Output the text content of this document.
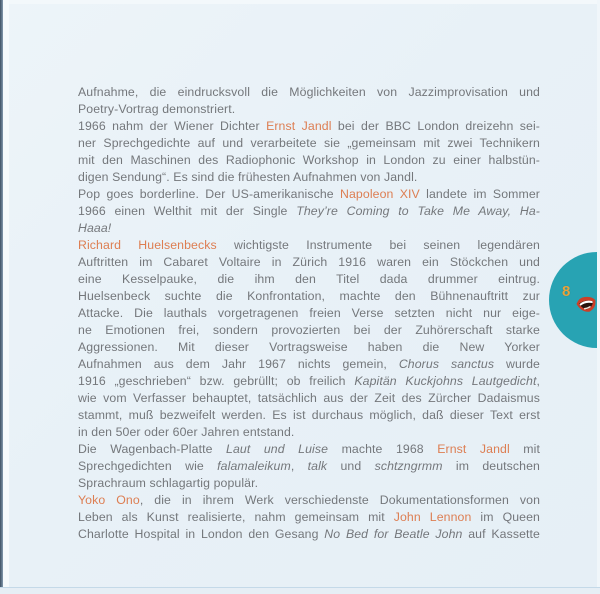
Aufnahme, die eindrucksvoll die Möglichkeiten von Jazzimprovisation und
Poetry-Vortrag demonstriert.
1966 nahm der Wiener Dichter Ernst Jandl bei der BBC London dreizehn sei-
ner Sprechgedichte auf und verarbeitete sie „gemeinsam mit zwei Technikern
mit den Maschinen des Radiophonic Workshop in London zu einer halbstün-
digen Sendung“. Es sind die frühesten Aufnahmen von Jandl.
Pop goes borderline. Der US-amerikanische Napoleon XIV landete im Sommer
1966 einen Welthit mit der Single They’re Coming to Take Me Away, Ha-
Haaa!
Richard Huelsenbecks wichtigste Instrumente bei seinen legendären
Auftritten im Cabaret Voltaire in Zürich 1916 waren ein Stöckchen und
eine Kesselpauke, die ihm den Titel dada drummer eintrug.
Huelsenbeck suchte die Konfrontation, machte den Bühnenauftritt zur
Attacke. Die lauthals vorgetragenen freien Verse setzten nicht nur eige-
ne Emotionen frei, sondern provozierten bei der Zuhörerschaft starke
Aggressionen. Mit dieser Vortragsweise haben die New Yorker
Aufnahmen aus dem Jahr 1967 nichts gemein, Chorus sanctus wurde
1916 „geschrieben“ bzw. gebrüllt; ob freilich Kapitän Kuckjohns Lautgedicht,
wie vom Verfasser behauptet, tatsächlich aus der Zeit des Zürcher Dadaismus
stammt, muß bezweifelt werden. Es ist durchaus möglich, daß dieser Text erst
in den 50er oder 60er Jahren entstand.
Die Wagenbach-Platte Laut und Luise machte 1968 Ernst Jandl mit
Sprechgedichten wie falamaleikum, talk und schtzngrmm im deutschen
Sprachraum schlagartig populär.
Yoko Ono, die in ihrem Werk verschiedenste Dokumentationsformen von
Leben als Kunst realisierte, nahm gemeinsam mit John Lennon im Queen
Charlotte Hospital in London den Gesang No Bed for Beatle John auf Kassette
8
